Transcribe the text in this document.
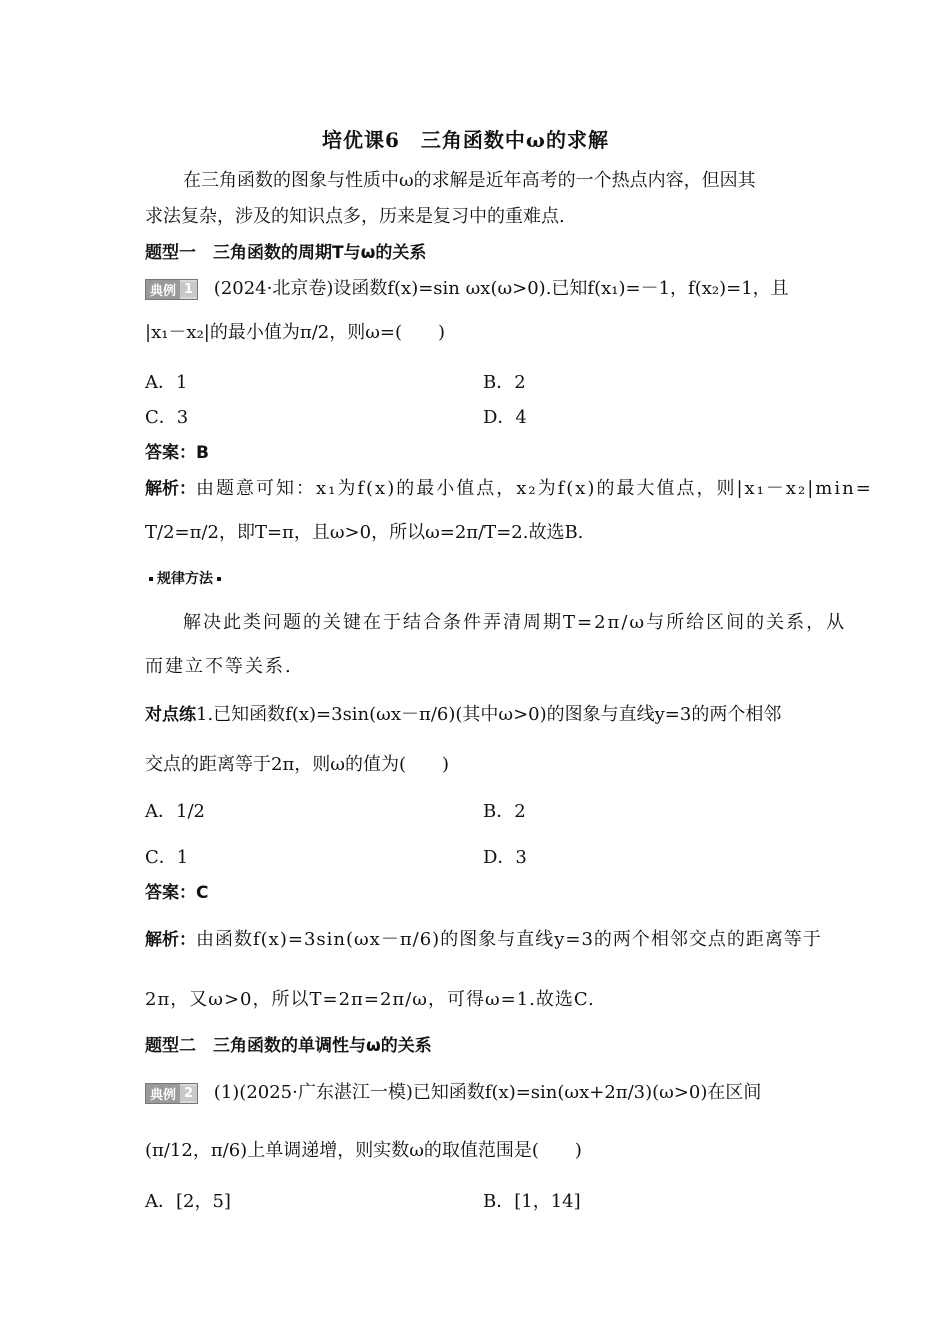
培优课6　三角函数中ω的求解
在三角函数的图象与性质中ω的求解是近年高考的一个热点内容，但因其
求法复杂，涉及的知识点多，历来是复习中的重难点.
题型一　三角函数的周期T与ω的关系
典例 1 (2024·北京卷)设函数f(x)=sin ωx(ω>0).已知f(x₁)=－1，f(x₂)=1，且
|x₁－x₂|的最小值为π/2，则ω=(　　)
A．1	B．2
C．3	D．4
答案：B
解析：由题意可知：x₁为f(x)的最小值点，x₂为f(x)的最大值点，则|x₁－x₂|min=
T/2=π/2，即T=π，且ω>0，所以ω=2π/T=2.故选B.
规律方法
解决此类问题的关键在于结合条件弄清周期T=2π/ω与所给区间的关系，从
而建立不等关系.
对点练1.已知函数f(x)=3sin(ωx－π/6)(其中ω>0)的图象与直线y=3的两个相邻
交点的距离等于2π，则ω的值为(　　)
A．1/2	B．2
C．1	D．3
答案：C
解析：由函数f(x)=3sin(ωx－π/6)的图象与直线y=3的两个相邻交点的距离等于
2π，又ω>0，所以T=2π=2π/ω，可得ω=1.故选C.
题型二　三角函数的单调性与ω的关系
典例 2 (1)(2025·广东湛江一模)已知函数f(x)=sin(ωx+2π/3)(ω>0)在区间
(π/12，π/6)上单调递增，则实数ω的取值范围是(　　)
A．[2，5]	B．[1，14]
